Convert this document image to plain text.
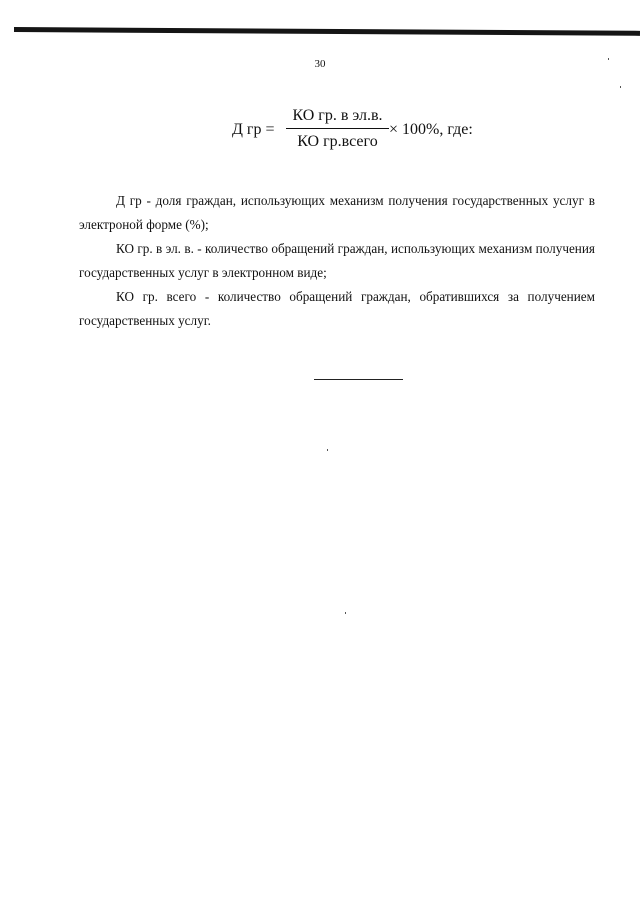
30
Д гр =
КО гр. в эл.в.
КО гр.всего
× 100%, где:

Д гр - доля граждан, использующих механизм получения государственных услуг в электроной форме (%);

КО гр. в эл. в. - количество обращений граждан, использующих механизм получения государственных услуг в электронном виде;

КО гр. всего - количество обращений граждан, обратившихся за получением государственных услуг.
